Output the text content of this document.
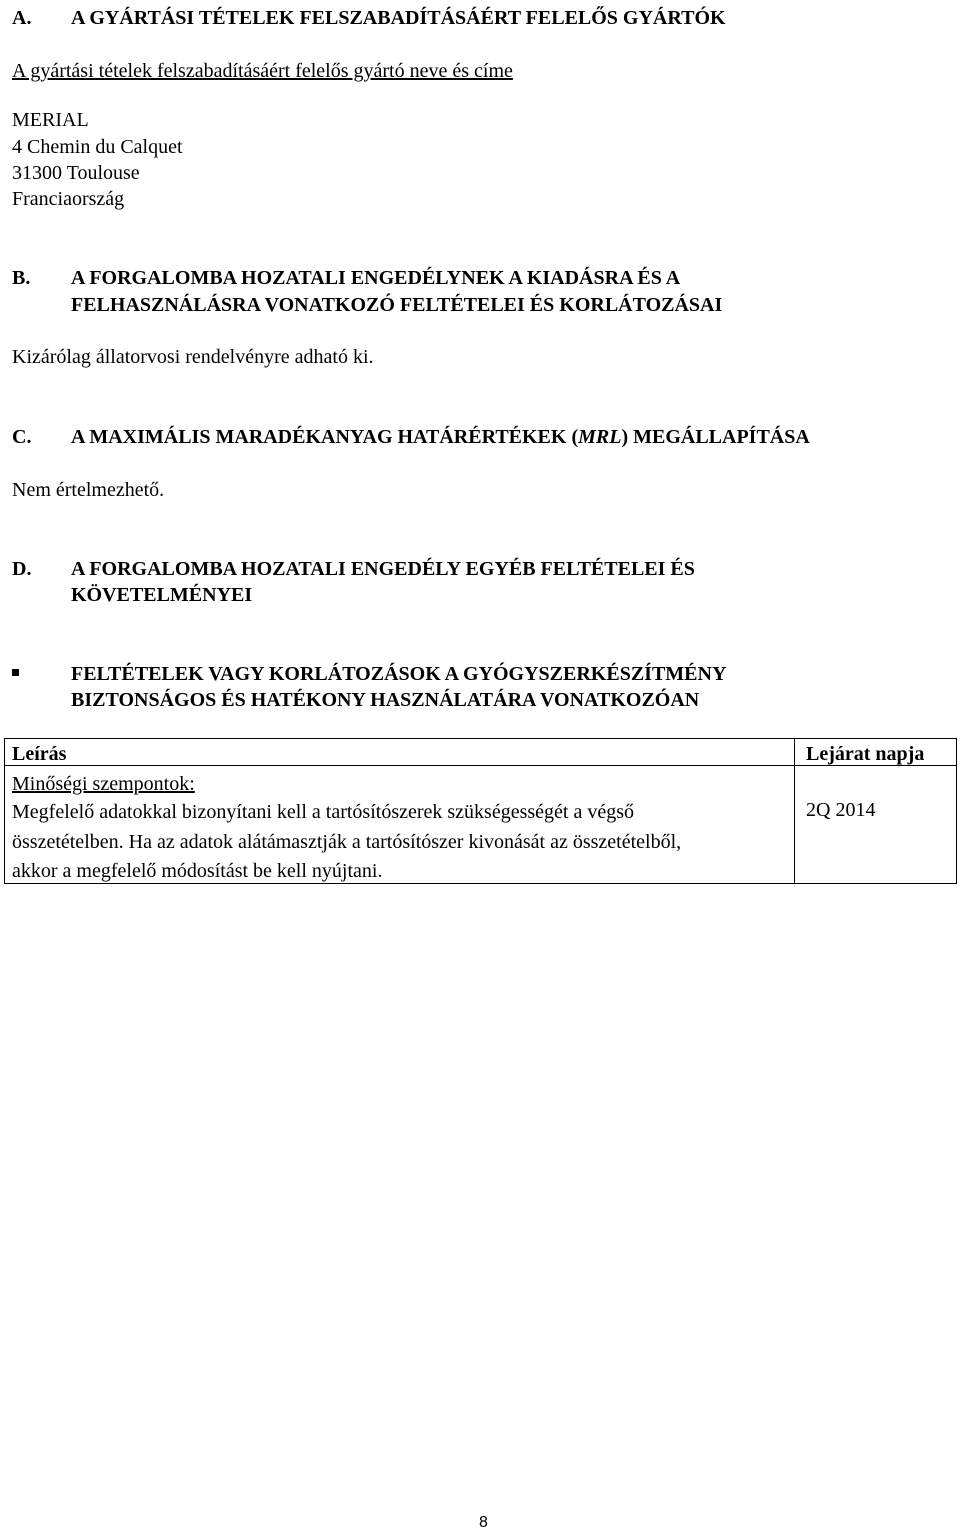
A. A GYÁRTÁSI TÉTELEK FELSZABADÍTÁSÁÉRT FELELŐS GYÁRTÓK
A gyártási tételek felszabadításáért felelős gyártó neve és címe
MERIAL
4 Chemin du Calquet
31300 Toulouse
Franciaország
B. A FORGALOMBA HOZATALI ENGEDÉLYNEK A KIADÁSRA ÉS A
FELHASZNÁLÁSRA VONATKOZÓ FELTÉTELEI ÉS KORLÁTOZÁSAI
Kizárólag állatorvosi rendelvényre adható ki.
C. A MAXIMÁLIS MARADÉKANYAG HATÁRÉRTÉKEK (MRL) MEGÁLLAPÍTÁSA
Nem értelmezhető.
D. A FORGALOMBA HOZATALI ENGEDÉLY EGYÉB FELTÉTELEI ÉS
KÖVETELMÉNYEI
FELTÉTELEK VAGY KORLÁTOZÁSOK A GYÓGYSZERKÉSZÍTMÉNY
BIZTONSÁGOS ÉS HATÉKONY HASZNÁLATÁRA VONATKOZÓAN
Leírás	Lejárat napja
Minőségi szempontok:
Megfelelő adatokkal bizonyítani kell a tartósítószerek szükségességét a végső
összetételben. Ha az adatok alátámasztják a tartósítószer kivonását az összetételből,
akkor a megfelelő módosítást be kell nyújtani.
2Q 2014
8
